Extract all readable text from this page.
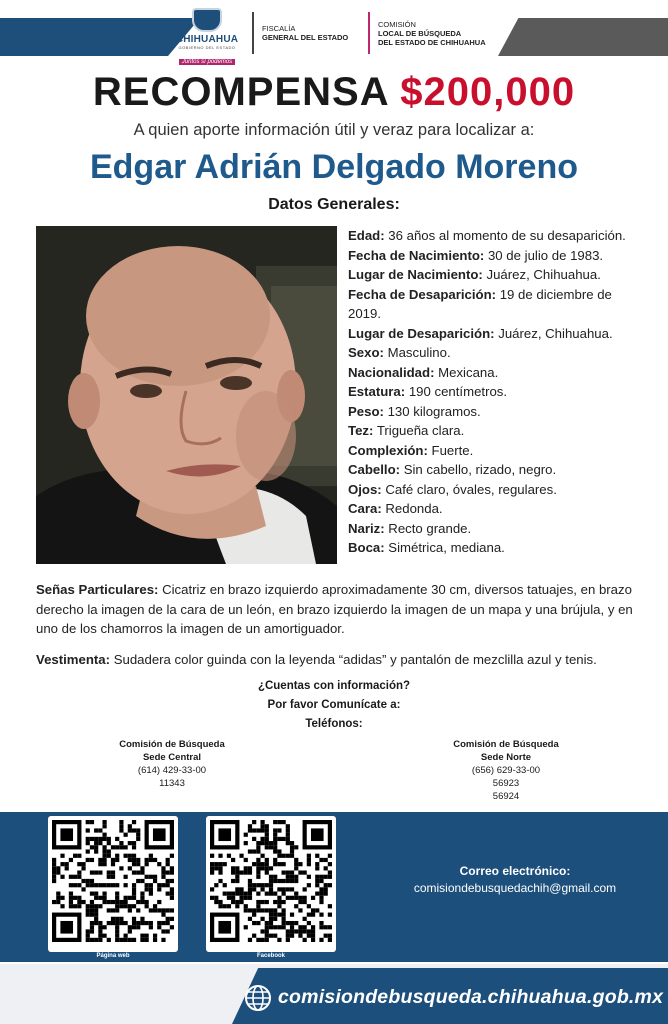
CHIHUAHUA
GOBIERNO DEL ESTADO
Juntos sí podemos
FISCALÍA
GENERAL DEL ESTADO
COMISIÓN
LOCAL DE BÚSQUEDA
DEL ESTADO DE CHIHUAHUA
RECOMPENSA $200,000
A quien aporte información útil y veraz para localizar a:
Edgar Adrián Delgado Moreno
Datos Generales:
Edad: 36 años al momento de su desaparición.
Fecha de Nacimiento: 30 de julio de 1983.
Lugar de Nacimiento: Juárez, Chihuahua.
Fecha de Desaparición: 19 de diciembre de 2019.
Lugar de Desaparición: Juárez, Chihuahua.
Sexo: Masculino.
Nacionalidad: Mexicana.
Estatura: 190 centímetros.
Peso: 130 kilogramos.
Tez: Trigueña clara.
Complexión: Fuerte.
Cabello: Sin cabello, rizado, negro.
Ojos: Café claro, óvales, regulares.
Cara: Redonda.
Nariz: Recto grande.
Boca: Simétrica, mediana.
Señas Particulares: Cicatriz en brazo izquierdo aproximadamente 30 cm, diversos tatuajes, en brazo derecho la imagen de la cara de un león, en brazo izquierdo la imagen de un mapa y una brújula, y en uno de los chamorros la imagen de un amortiguador.
Vestimenta: Sudadera color guinda con la leyenda “adidas” y pantalón de mezclilla azul y tenis.
¿Cuentas con información?
Por favor Comunícate a:
Teléfonos:
Comisión de Búsqueda
Sede Central
(614) 429-33-00
11343
Comisión de Búsqueda
Sede Norte
(656) 629-33-00
56923
56924
Página web	Facebook
Correo electrónico:
comisiondebusquedachih@gmail.com
comisiondebusqueda.chihuahua.gob.mx
